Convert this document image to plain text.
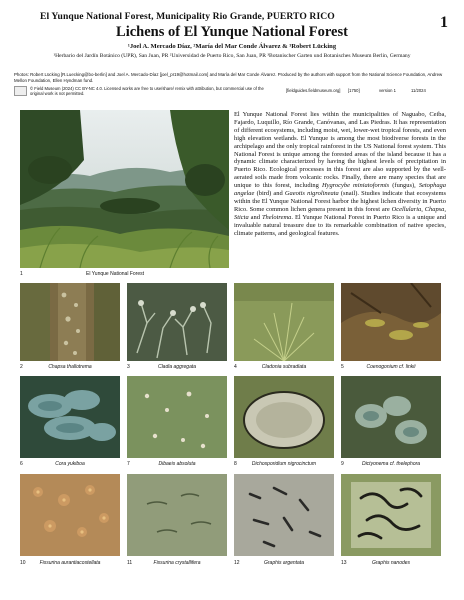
El Yunque National Forest, Municipality Rio Grande, PUERTO RICO	1
Lichens of El Yunque National Forest
¹Joel A. Mercado Díaz, ²María del Mar Conde Álvarez & ³Robert Lücking
¹Herbario del Jardín Botánico (UPR), San Juan, PR ²Universidad de Puerto Rico, San Juan, PR ³Botanischer Garten und Botanisches Museum Berlin, Germany
Photos: Robert Lücking [R.Luecking@bo-berlin] and Joel A. Mercado-Díaz [joel_pr19@hotmail.com] and María del Mar Conde Álvarez. Produced by the authors with support from the National Science Foundation, Andrew Mellon Foundation, Ellen Hyndman fund.
© Field Museum (2024) CC BY-NC 4.0. Licensed works are free to use/share/ remix with attribution, but commercial use of the original work is not permitted.
[fieldguides.fieldmuseum.org] [1750]	version 1	11/2024
1	El Yunque National Forest
El Yunque National Forest lies within the municipalities of Naguabo, Ceiba, Fajardo, Luquillo, Río Grande, Canóvanas, and Las Piedras. It has representation of different ecosystems, including moist, wet, lower-wet tropical forests, and even high elevation wetlands. El Yunque is among the most biodiverse forests in the archipelago and the only tropical rainforest in the US National forest system. This National Forest is unique among the forested areas of the island because it has a dynamic climate characterized by having the highest levels of precipitation in Puerto Rico. Ecological processes in this forest are also supported by the well-aerated soils made from volcanic rocks. Finally, there are many species that are unique to this forest, including Hygrocybe miniatoformis (fungus), Setophaga angelae (bird) and Gaeotis nigrolineata (snail). Studies indicate that ecosystems within the El Yunque National Forest harbor the highest lichen diversity in Puerto Rico. Some common lichen genera present in this forest are Ocellularia, Chapsa, Sticta and Thelotrema. El Yunque National Forest in Puerto Rico is a unique and invaluable natural treasure due to its remarkable combination of native species, climate patterns, and geological features.
2	Chapsa thallotrema	3	Cladia aggregata	4	Cladonia subradiata	5	Coenogonium cf. linkii
6	Cora yukiboa	7	Dibaeis absoluta	8	Dichosporidium nigrocinctum	9	Dictyonema cf. thelephora
10	Fissurina aurantiacostellata	11	Fissurina crystallifera	12	Graphis argentata	13	Graphis nanodes
